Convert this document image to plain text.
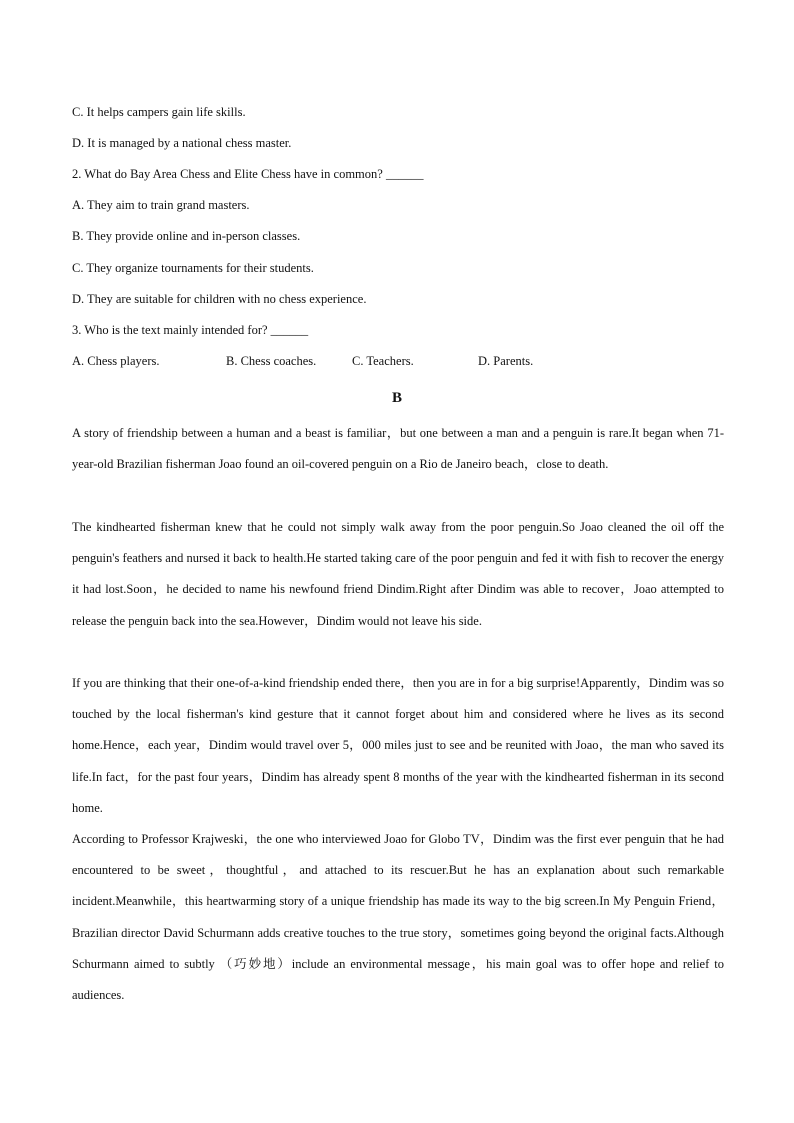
C. It helps campers gain life skills.
D. It is managed by a national chess master.
2. What do Bay Area Chess and Elite Chess have in common? ______
A. They aim to train grand masters.
B. They provide online and in-person classes.
C. They organize tournaments for their students.
D. They are suitable for children with no chess experience.
3. Who is the text mainly intended for? ______
A. Chess players.	B. Chess coaches.	C. Teachers.	D. Parents.
B
A story of friendship between a human and a beast is familiar，but one between a man and a penguin is rare.It began when 71-year-old Brazilian fisherman Joao found an oil-covered penguin on a Rio de Janeiro beach，close to death.
The kindhearted fisherman knew that he could not simply walk away from the poor penguin.So Joao cleaned the oil off the penguin's feathers and nursed it back to health.He started taking care of the poor penguin and fed it with fish to recover the energy it had lost.Soon，he decided to name his newfound friend Dindim.Right after Dindim was able to recover，Joao attempted to release the penguin back into the sea.However，Dindim would not leave his side.
If you are thinking that their one-of-a-kind friendship ended there，then you are in for a big surprise!Apparently，Dindim was so touched by the local fisherman's kind gesture that it cannot forget about him and considered where he lives as its second home.Hence，each year，Dindim would travel over 5，000 miles just to see and be reunited with Joao，the man who saved its life.In fact，for the past four years，Dindim has already spent 8 months of the year with the kindhearted fisherman in its second home.
According to Professor Krajweski，the one who interviewed Joao for Globo TV，Dindim was the first ever penguin that he had encountered to be sweet，thoughtful，and attached to its rescuer.But he has an explanation about such remarkable incident.Meanwhile，this heartwarming story of a unique friendship has made its way to the big screen.In My Penguin Friend，Brazilian director David Schurmann adds creative touches to the true story，sometimes going beyond the original facts.Although Schurmann aimed to subtly （巧妙地）include an environmental message，his main goal was to offer hope and relief to audiences.
